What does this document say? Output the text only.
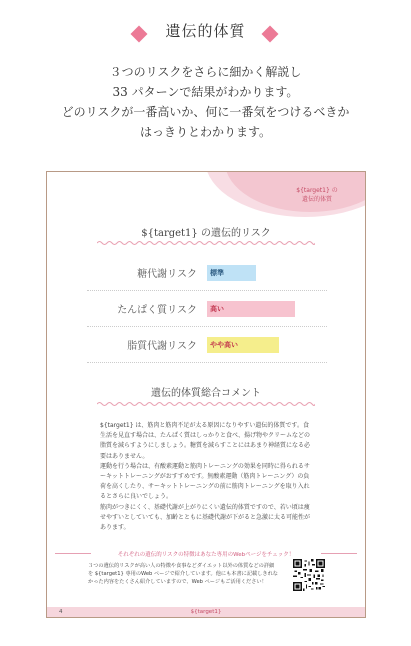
遺伝的体質
３つのリスクをさらに細かく解説し
33 パターンで結果がわかります。
どのリスクが一番高いか、何に一番気をつけるべきか
はっきりとわかります。
${target1} の
遺伝的体質
${target1} の遺伝的リスク
糖代謝リスク	標準
たんぱく質リスク	高い
脂質代謝リスク	やや高い
遺伝的体質総合コメント

${target1} は、筋肉と筋肉不足が太る原因になりやすい遺伝的体質です。食生活を見直す場合は、たんぱく質はしっかりと食べ、揚げ物やクリームなどの脂質を減らすようにしましょう。糖質を減らすことにはあまり神経質になる必要はありません。

運動を行う場合は、有酸素運動と筋肉トレーニングの効果を同時に得られるサーキットトレーニングがおすすめです。無酸素運動（筋肉トレーニング）の負荷を高くしたり、サーキットトレーニングの前に筋肉トレーニングを取り入れるとさらに良いでしょう。

筋肉がつきにくく、基礎代謝が上がりにくい遺伝的体質ですので、若い頃は痩せやすいとしていても、加齢とともに基礎代謝が下がると急激に太る可能性があります。

それぞれの遺伝的リスクの特徴はあなた専用のWebページをチェック！
３つの遺伝的リスクが高い人の特徴や食事などダイエット以外の体質などの詳細を ${target1} 専用のWeb ページで紹介しています。他にも本書に記載しきれなかった内容をたくさん紹介していますので、Web ページもご活用ください！
${target1}
4
